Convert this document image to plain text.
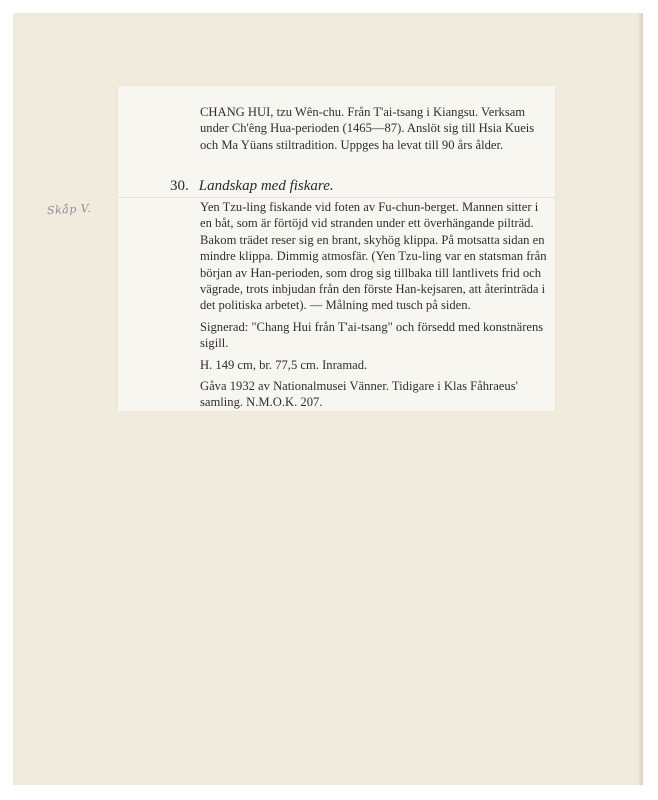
Skåp V.

CHANG HUI, tzu Wên-chu. Från T'ai-tsang i Kiangsu. Verksam under Ch'êng Hua-perioden (1465—87). Anslöt sig till Hsia Kueis och Ma Yüans stiltradition. Uppges ha levat till 90 års ålder.

30. Landskap med fiskare.

Yen Tzu-ling fiskande vid foten av Fu-chun-berget. Mannen sitter i en båt, som är förtöjd vid stranden under ett överhängande pilträd. Bakom trädet reser sig en brant, skyhög klippa. På motsatta sidan en mindre klippa. Dimmig atmosfär. (Yen Tzu-ling var en statsman från början av Han-perioden, som drog sig tillbaka till lantlivets frid och vägrade, trots inbjudan från den förste Han-kejsaren, att återinträda i det politiska arbetet). — Målning med tusch på siden.

Signerad: "Chang Hui från T'ai-tsang" och försedd med konstnärens sigill.

H. 149 cm, br. 77,5 cm. Inramad.

Gåva 1932 av Nationalmusei Vänner. Tidigare i Klas Fåhraeus' samling. N.M.O.K. 207.
